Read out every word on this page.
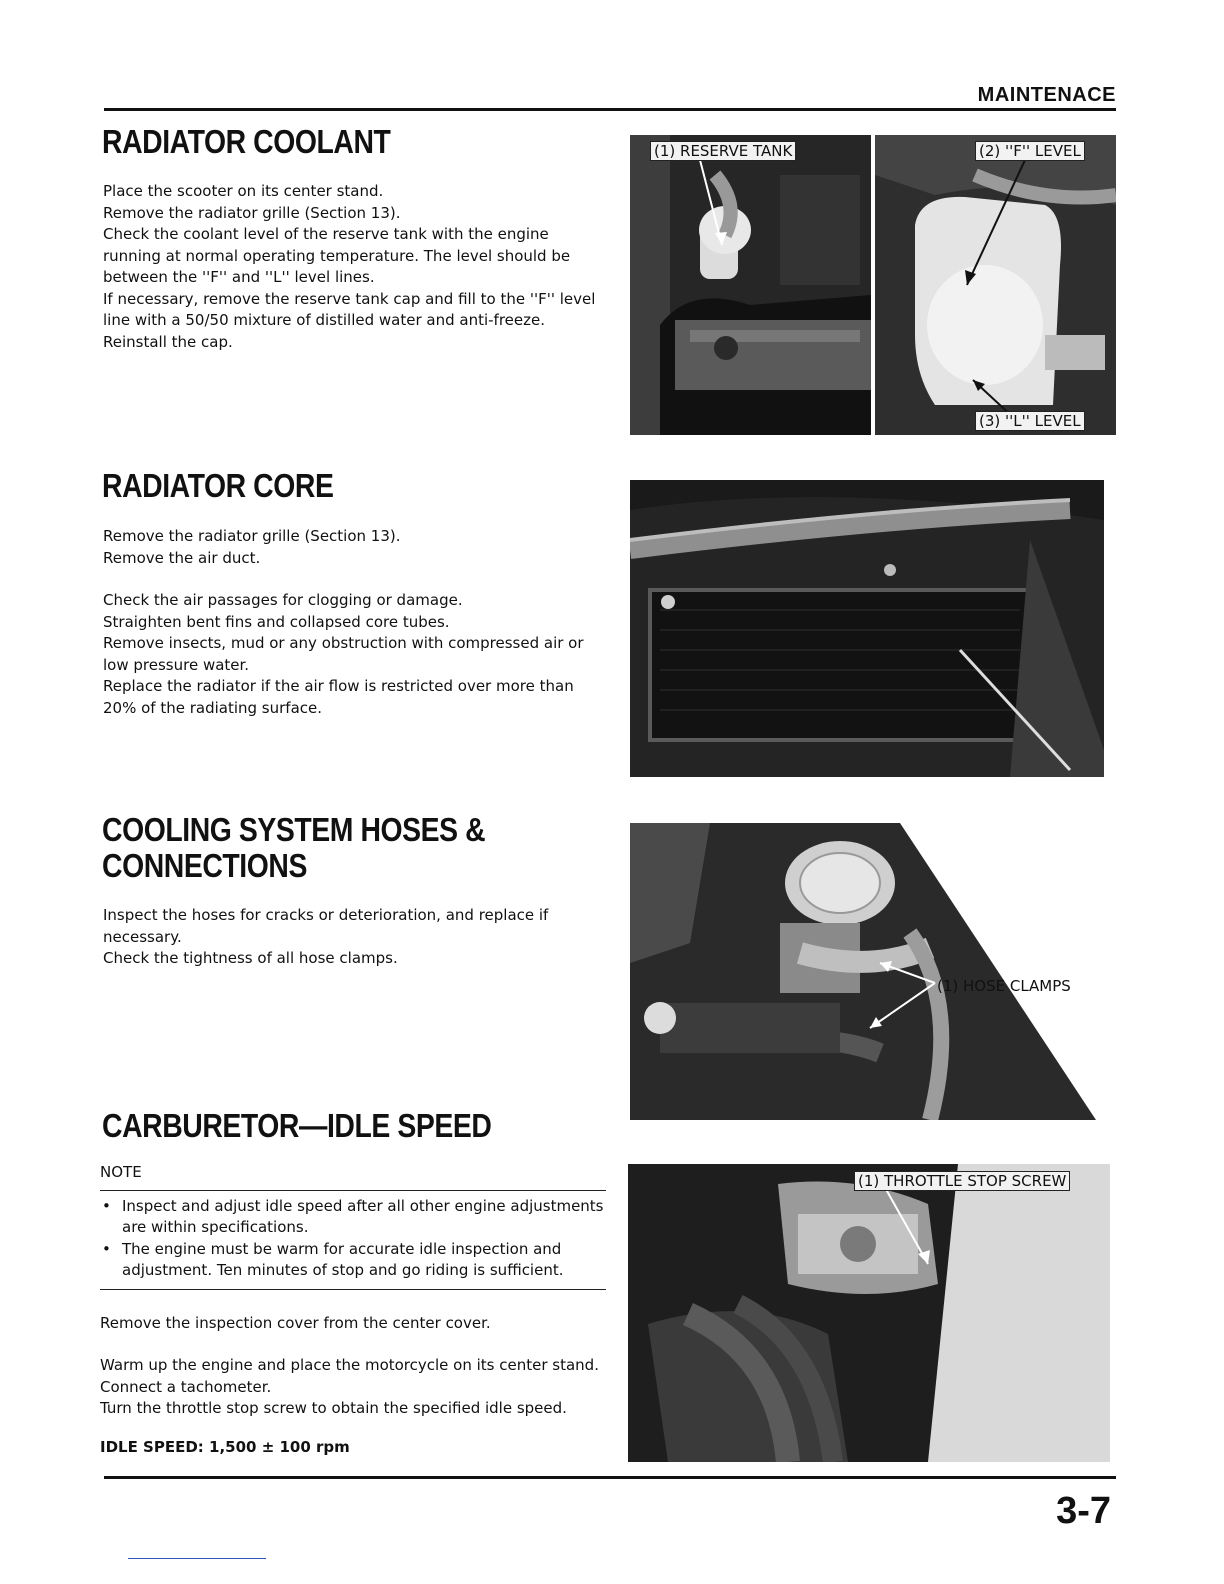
MAINTENACE
RADIATOR COOLANT

Place the scooter on its center stand.

Remove the radiator grille (Section 13).

Check the coolant level of the reserve tank with the engine running at normal operating temperature. The level should be between the ''F'' and ''L'' level lines.

If necessary, remove the reserve tank cap and fill to the ''F'' level line with a 50/50 mixture of distilled water and anti-freeze.

Reinstall the cap.

(1) RESERVE TANK	(2) ''F'' LEVEL
(3) ''L'' LEVEL
RADIATOR CORE

Remove the radiator grille (Section 13).

Remove the air duct.

Check the air passages for clogging or damage.

Straighten bent fins and collapsed core tubes.

Remove insects, mud or any obstruction with compressed air or low pressure water.

Replace the radiator if the air flow is restricted over more than 20% of the radiating surface.

COOLING SYSTEM HOSES &
CONNECTIONS

Inspect the hoses for cracks or deterioration, and replace if necessary.

Check the tightness of all hose clamps.

(1) HOSE CLAMPS
CARBURETOR—IDLE SPEED
NOTE
• Inspect and adjust idle speed after all other engine adjustments are within specifications.
• The engine must be warm for accurate idle inspection and adjustment. Ten minutes of stop and go riding is sufficient.

Remove the inspection cover from the center cover.

Warm up the engine and place the motorcycle on its center stand. Connect a tachometer.

Turn the throttle stop screw to obtain the specified idle speed.

IDLE SPEED: 1,500 ± 100 rpm
(1) THROTTLE STOP SCREW
3-7
